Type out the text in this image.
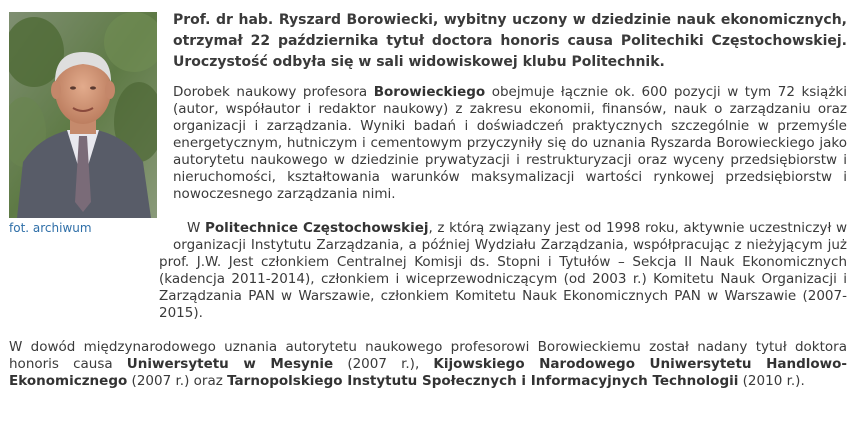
fot. archiwum
Prof. dr hab. Ryszard Borowiecki, wybitny uczony w dziedzinie nauk ekonomicznych, otrzymał 22 października tytuł doctora honoris causa Politechiki Częstochowskiej. Uroczystość odbyła się w sali widowiskowej klubu Politechnik.

Dorobek naukowy profesora Borowieckiego obejmuje łącznie ok. 600 pozycji w tym 72 książki (autor, współautor i redaktor naukowy) z zakresu ekonomii, finansów, nauk o zarządzaniu oraz organizacji i zarządzania. Wyniki badań i doświadczeń praktycznych szczególnie w przemyśle energetycznym, hutniczym i cementowym przyczyniły się do uznania Ryszarda Borowieckiego jako autorytetu naukowego w dziedzinie prywatyzacji i restrukturyzacji oraz wyceny przedsiębiorstw i nieruchomości, kształtowania warunków maksymalizacji wartości rynkowej przedsiębiorstw i nowoczesnego zarządzania nimi.

W Politechnice Częstochowskiej, z którą związany jest od 1998 roku, aktywnie uczestniczył w organizacji Instytutu Zarządzania, a później Wydziału Zarządzania, współpracując z nieżyjącym już prof. J.W. Jest członkiem Centralnej Komisji ds. Stopni i Tytułów – Sekcja II Nauk Ekonomicznych (kadencja 2011-2014), członkiem i wiceprzewodniczącym (od 2003 r.) Komitetu Nauk Organizacji i Zarządzania PAN w Warszawie, członkiem Komitetu Nauk Ekonomicznych PAN w Warszawie (2007-2015).

W dowód międzynarodowego uznania autorytetu naukowego profesorowi Borowieckiemu został nadany tytuł doktora honoris causa Uniwersytetu w Mesynie (2007 r.), Kijowskiego Narodowego Uniwersytetu Handlowo-Ekonomicznego (2007 r.) oraz Tarnopolskiego Instytutu Społecznych i Informacyjnych Technologii (2010 r.).
